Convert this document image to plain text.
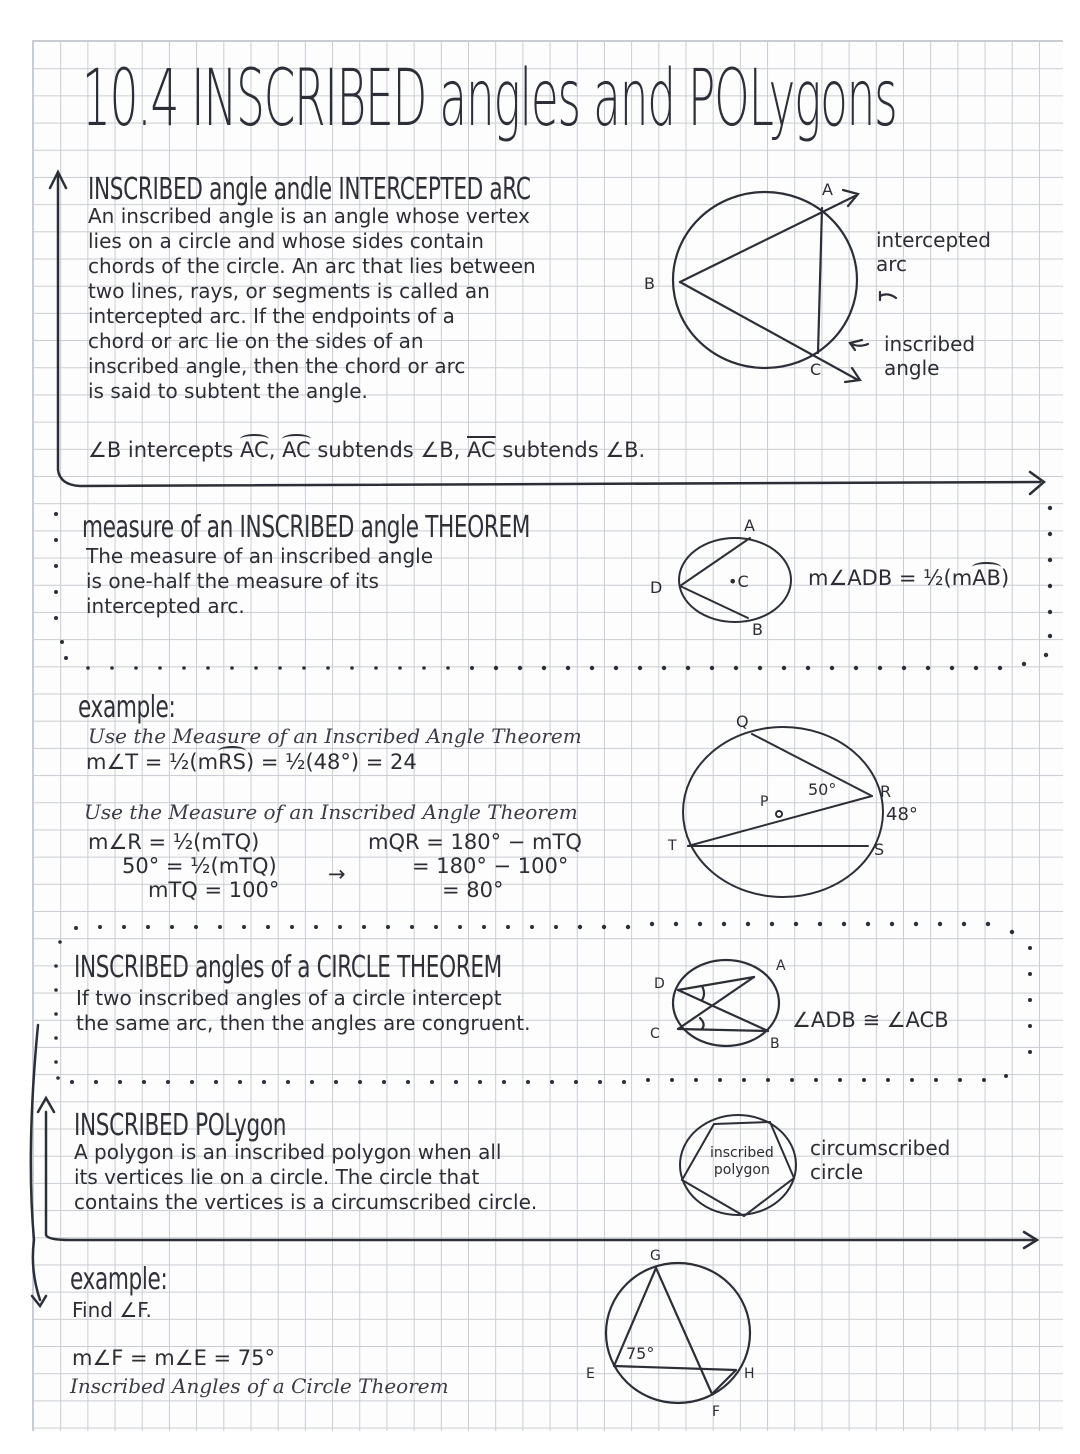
10.4 INSCRIBED angles and POLygons
INSCRIBED angle andle INTERCEPTED aRC
An inscribed angle is an angle whose vertex
lies on a circle and whose sides contain
chords of the circle. An arc that lies between
two lines, rays, or segments is called an
intercepted arc. If the endpoints of a
chord or arc lie on the sides of an
inscribed angle, then the chord or arc
is said to subtent the angle.
∠B intercepts AC
, AC
subtends ∠B, $\overline{AC}$ subtends ∠B.
A
B
C
intercepted
arc
inscribed
angle
measure of an INSCRIBED angle THEOREM
The measure of an inscribed angle
is one-half the measure of its
intercepted arc.
A
D	•C
B
m∠ADB = ½(mAB
)
example:
Use the Measure of an Inscribed Angle Theorem
m∠T = ½(mRS
) = ½(48°) = 24
Use the Measure of an Inscribed Angle Theorem
m∠R = ½(mTQ)
50° = ½(mTQ)
mTQ = 100°
→
mQR = 180° − mTQ
= 180° − 100°
= 80°
Q
R
S
T
P
50°
48°
INSCRIBED angles of a CIRCLE THEOREM
If two inscribed angles of a circle intercept
the same arc, then the angles are congruent.
A
D
C
B
∠ADB ≅ ∠ACB
INSCRIBED POLygon
A polygon is an inscribed polygon when all
its vertices lie on a circle. The circle that
contains the vertices is a circumscribed circle.
inscribed
polygon
circumscribed
circle
example:
Find ∠F.
m∠F = m∠E = 75°
Inscribed Angles of a Circle Theorem
G
E	H
F
75°
